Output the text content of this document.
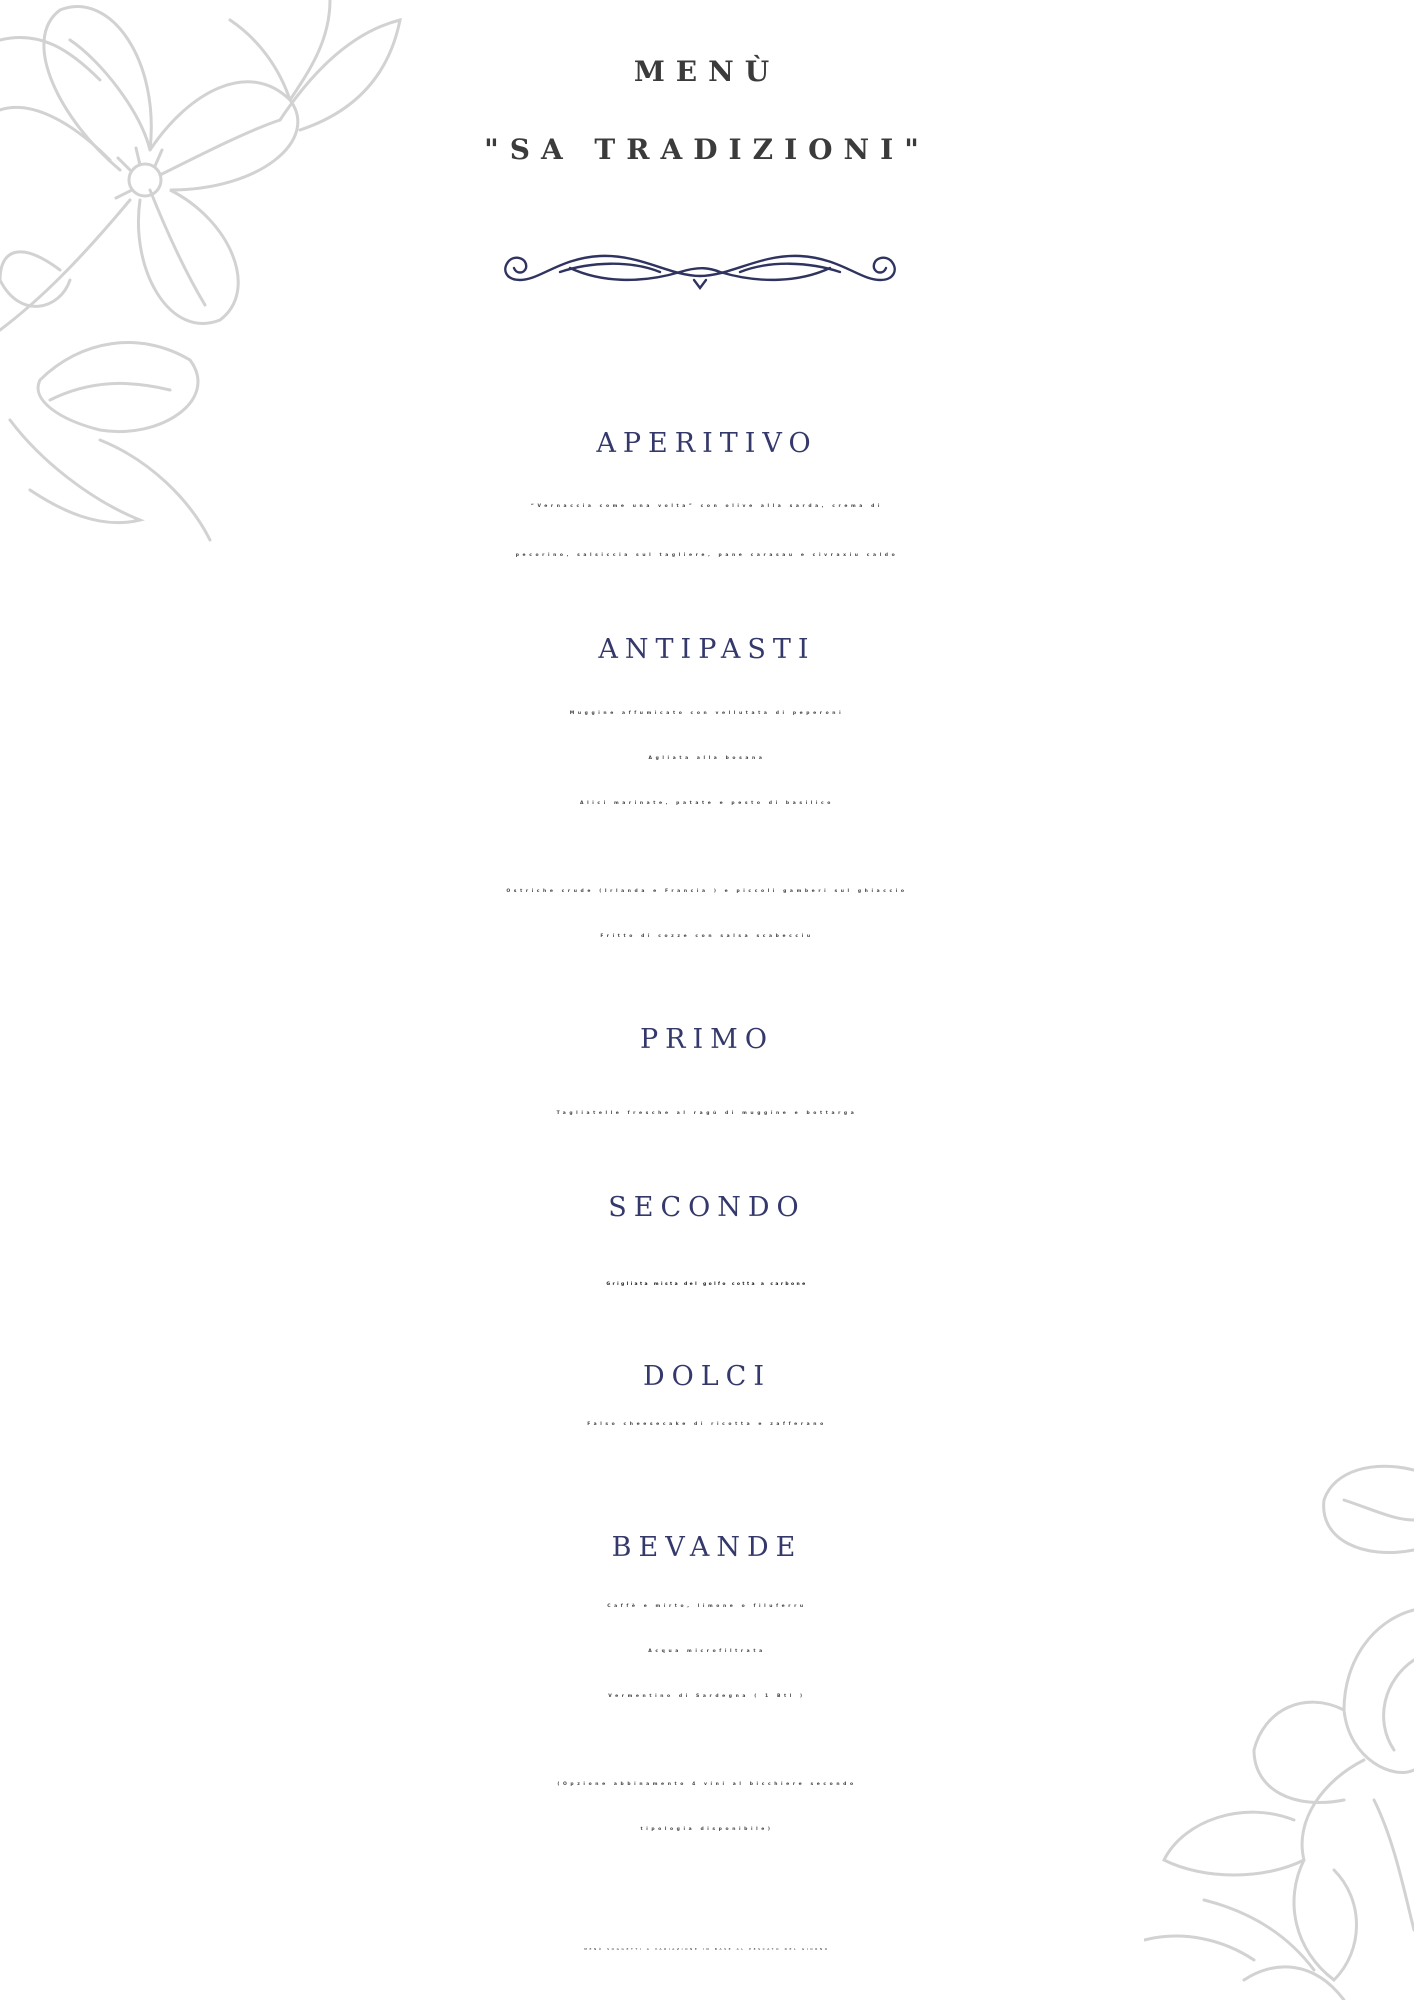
MENÙ
"SA TRADIZIONI"
APERITIVO
“Vernaccia come una volta” con olive alla sarda, crema di
pecorino, salsiccia sul tagliere, pane carasau e civraxiu caldo
ANTIPASTI
Muggine affumicato con vellutata di peperoni
Agliata alla bosana
Alici marinate, patate e pesto di basilico
Ostriche crude (Irlanda e Francia ) e piccoli gamberi sul ghiaccio
Fritto di cozze con salsa scabecciu
PRIMO
Tagliatelle fresche al ragù di muggine e bottarga
SECONDO
Grigliata mista del golfo cotta a carbone
DOLCI
Falso cheesecake di ricotta e zafferano
BEVANDE
Caffè e mirto, limone o filuferru
Acqua microfiltrata
Vermentino di Sardegna ( 1 Btl )
(Opzione abbinamento 4 vini al bicchiere secondo
tipologia disponibile)
MENÙ SOGGETTI A VARIAZIONE IN BASE AL PESCATO DEL GIORNO
